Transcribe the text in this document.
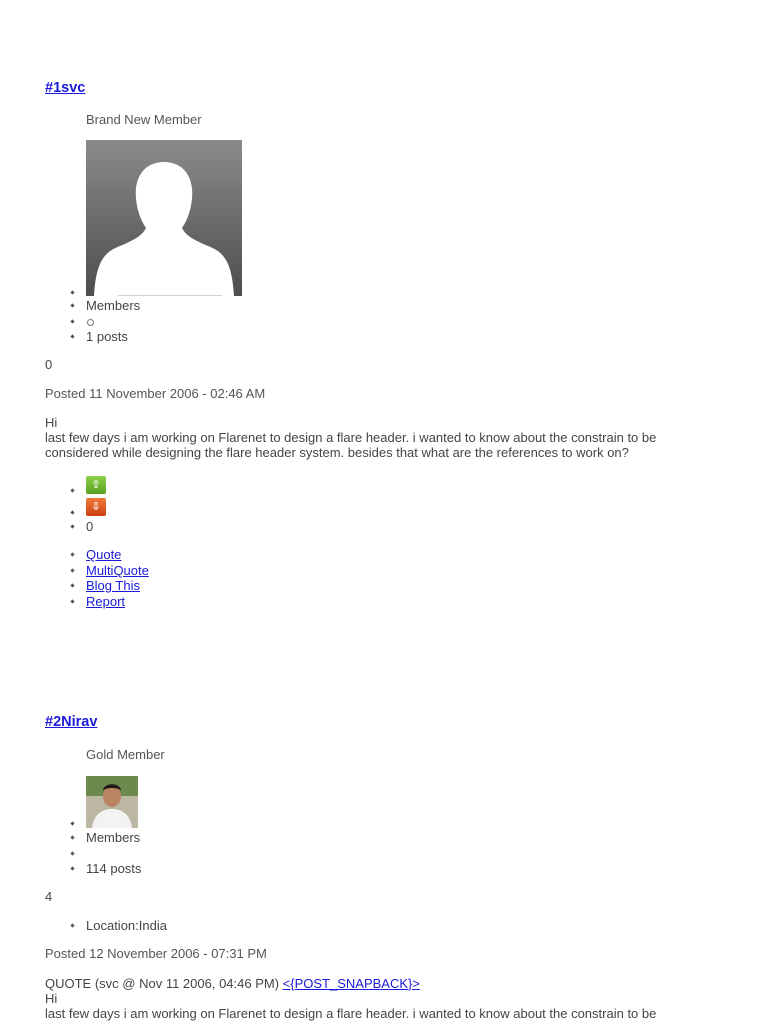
#1svc
Brand New Member
Members
1 posts
0
Posted 11 November 2006 - 02:46 AM
Hi
last few days i am working on Flarenet to design a flare header. i wanted to know about the constrain to be
considered while designing the flare header system. besides that what are the references to work on?
⇧
⇩
0
Quote
MultiQuote
Blog This
Report
#2Nirav
Gold Member
Members
114 posts
4
Location:India
Posted 12 November 2006 - 07:31 PM
QUOTE (svc @ Nov 11 2006, 04:46 PM) <{POST_SNAPBACK}>
Hi
last few days i am working on Flarenet to design a flare header. i wanted to know about the constrain to be
